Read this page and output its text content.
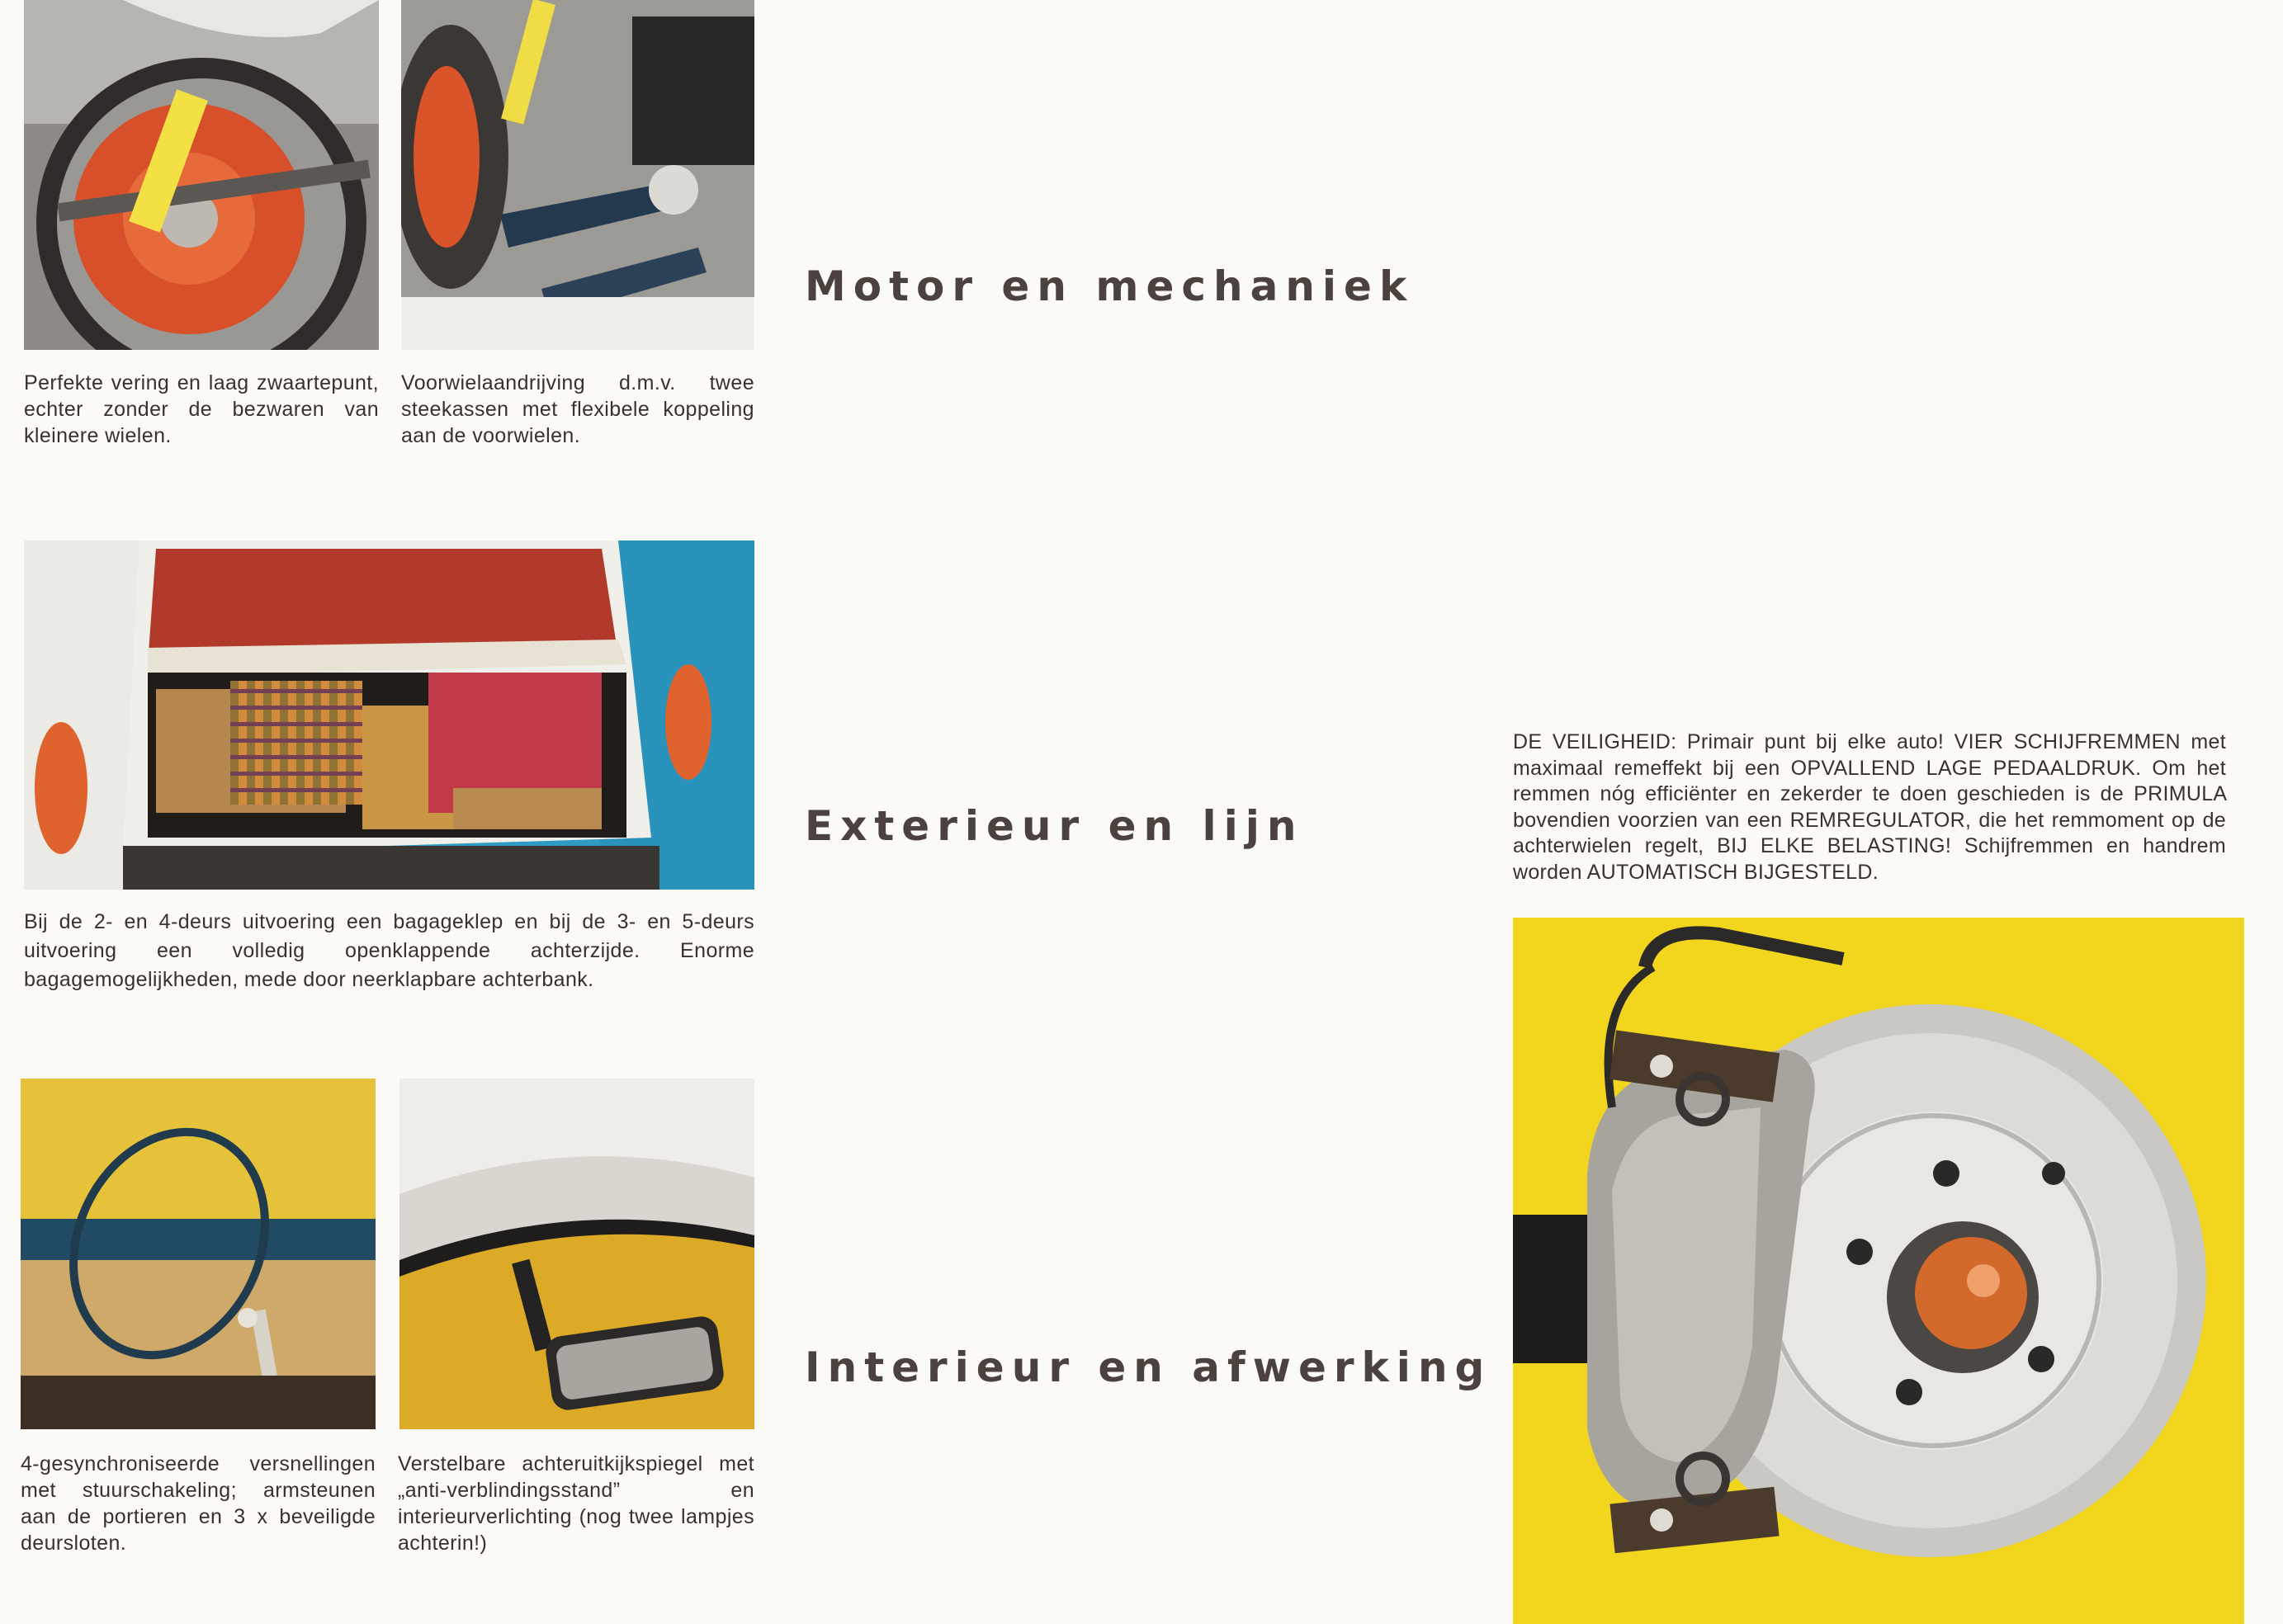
Perfekte vering en laag zwaartepunt, echter zonder de bezwaren van kleinere wielen.
Voorwielaandrijving d.m.v. twee steekassen met flexibele koppeling aan de voorwielen.
Bij de 2- en 4-deurs uitvoering een bagageklep en bij de 3- en 5-deurs uitvoering een volledig openklappende achterzijde. Enorme bagagemogelijkheden, mede door neerklapbare achterbank.
4-gesynchroniseerde versnellingen met stuurschakeling; armsteunen aan de portieren en 3 x beveiligde deursloten.
Verstelbare achteruitkijkspiegel met „anti-verblindingsstand” en interieurverlichting (nog twee lampjes achterin!)
Motor en mechaniek
Exterieur en lijn
Interieur en afwerking
DE VEILIGHEID: Primair punt bij elke auto! VIER SCHIJFREMMEN met maximaal remeffekt bij een OPVALLEND LAGE PEDAALDRUK. Om het remmen nóg efficiënter en zekerder te doen geschieden is de PRIMULA bovendien voorzien van een REMREGULATOR, die het remmoment op de achterwielen regelt, BIJ ELKE BELASTING! Schijfremmen en handrem worden AUTOMATISCH BIJGESTELD.
